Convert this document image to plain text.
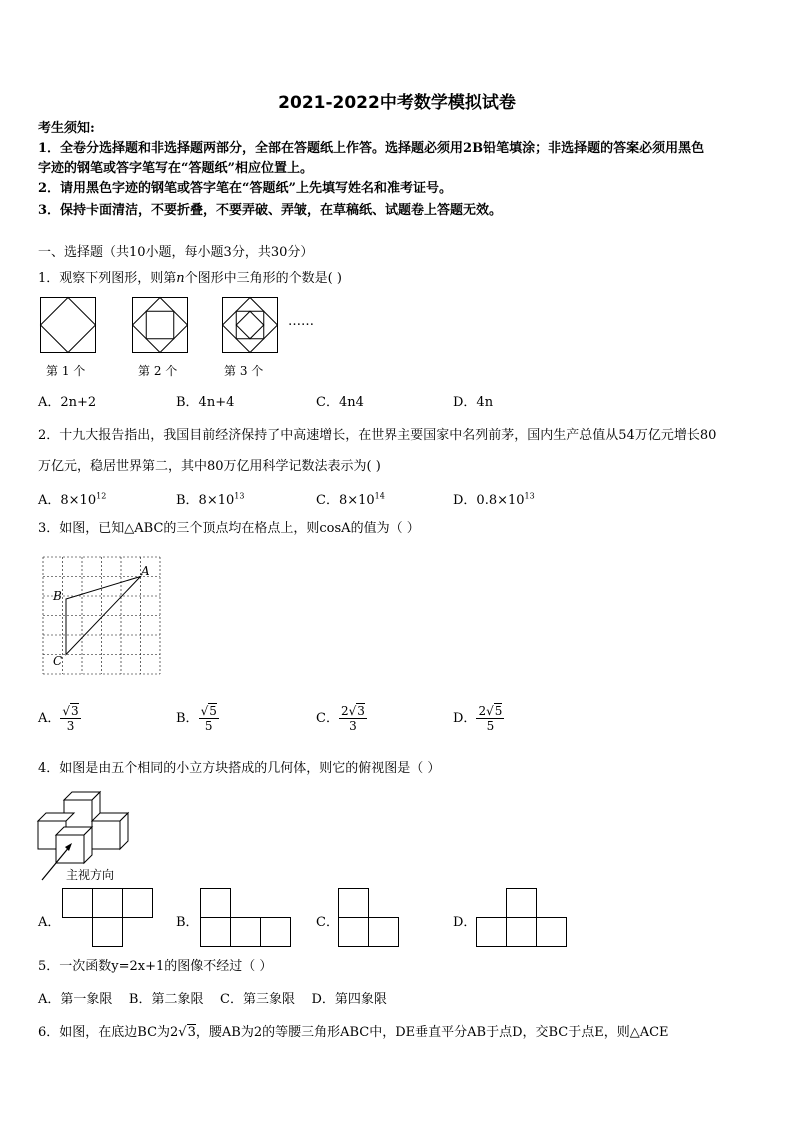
2021-2022中考数学模拟试卷
考生须知:
1．全卷分选择题和非选择题两部分，全部在答题纸上作答。选择题必须用2B铅笔填涂；非选择题的答案必须用黑色
字迹的钢笔或答字笔写在“答题纸”相应位置上。
2．请用黑色字迹的钢笔或答字笔在“答题纸”上先填写姓名和准考证号。
3．保持卡面清洁，不要折叠，不要弄破、弄皱，在草稿纸、试题卷上答题无效。
一、选择题（共10小题，每小题3分，共30分）
1．观察下列图形，则第n个图形中三角形的个数是( )
……
第 1 个	第 2 个	第 3 个
A．2n+2	B．4n+4	C．4n4	D．4n
2．十九大报告指出，我国目前经济保持了中高速增长，在世界主要国家中名列前茅，国内生产总值从54万亿元增长80
万亿元，稳居世界第二，其中80万亿用科学记数法表示为( )
A．$8\times 10^{12}$	B．$8\times 10^{13}$	C．$8\times 10^{14}$	D．$0.8\times 10^{13}$
3．如图，已知△ABC的三个顶点均在格点上，则cosA的值为（ ）
A
B
C
A． $\frac{√3}{3}$	B． $\frac{√5}{5}$	C． $\frac{2√3}{3}$	D． $\frac{2√5}{5}$
4．如图是由五个相同的小立方块搭成的几何体，则它的俯视图是（ ）
主视方向
A．	B．	C．	D．
5．一次函数y=2x+1的图像不经过（ ）
A．第一象限    B．第二象限    C．第三象限    D．第四象限
6．如图，在底边BC为2√3，腰AB为2的等腰三角形ABC中，DE垂直平分AB于点D，交BC于点E，则△ACE
